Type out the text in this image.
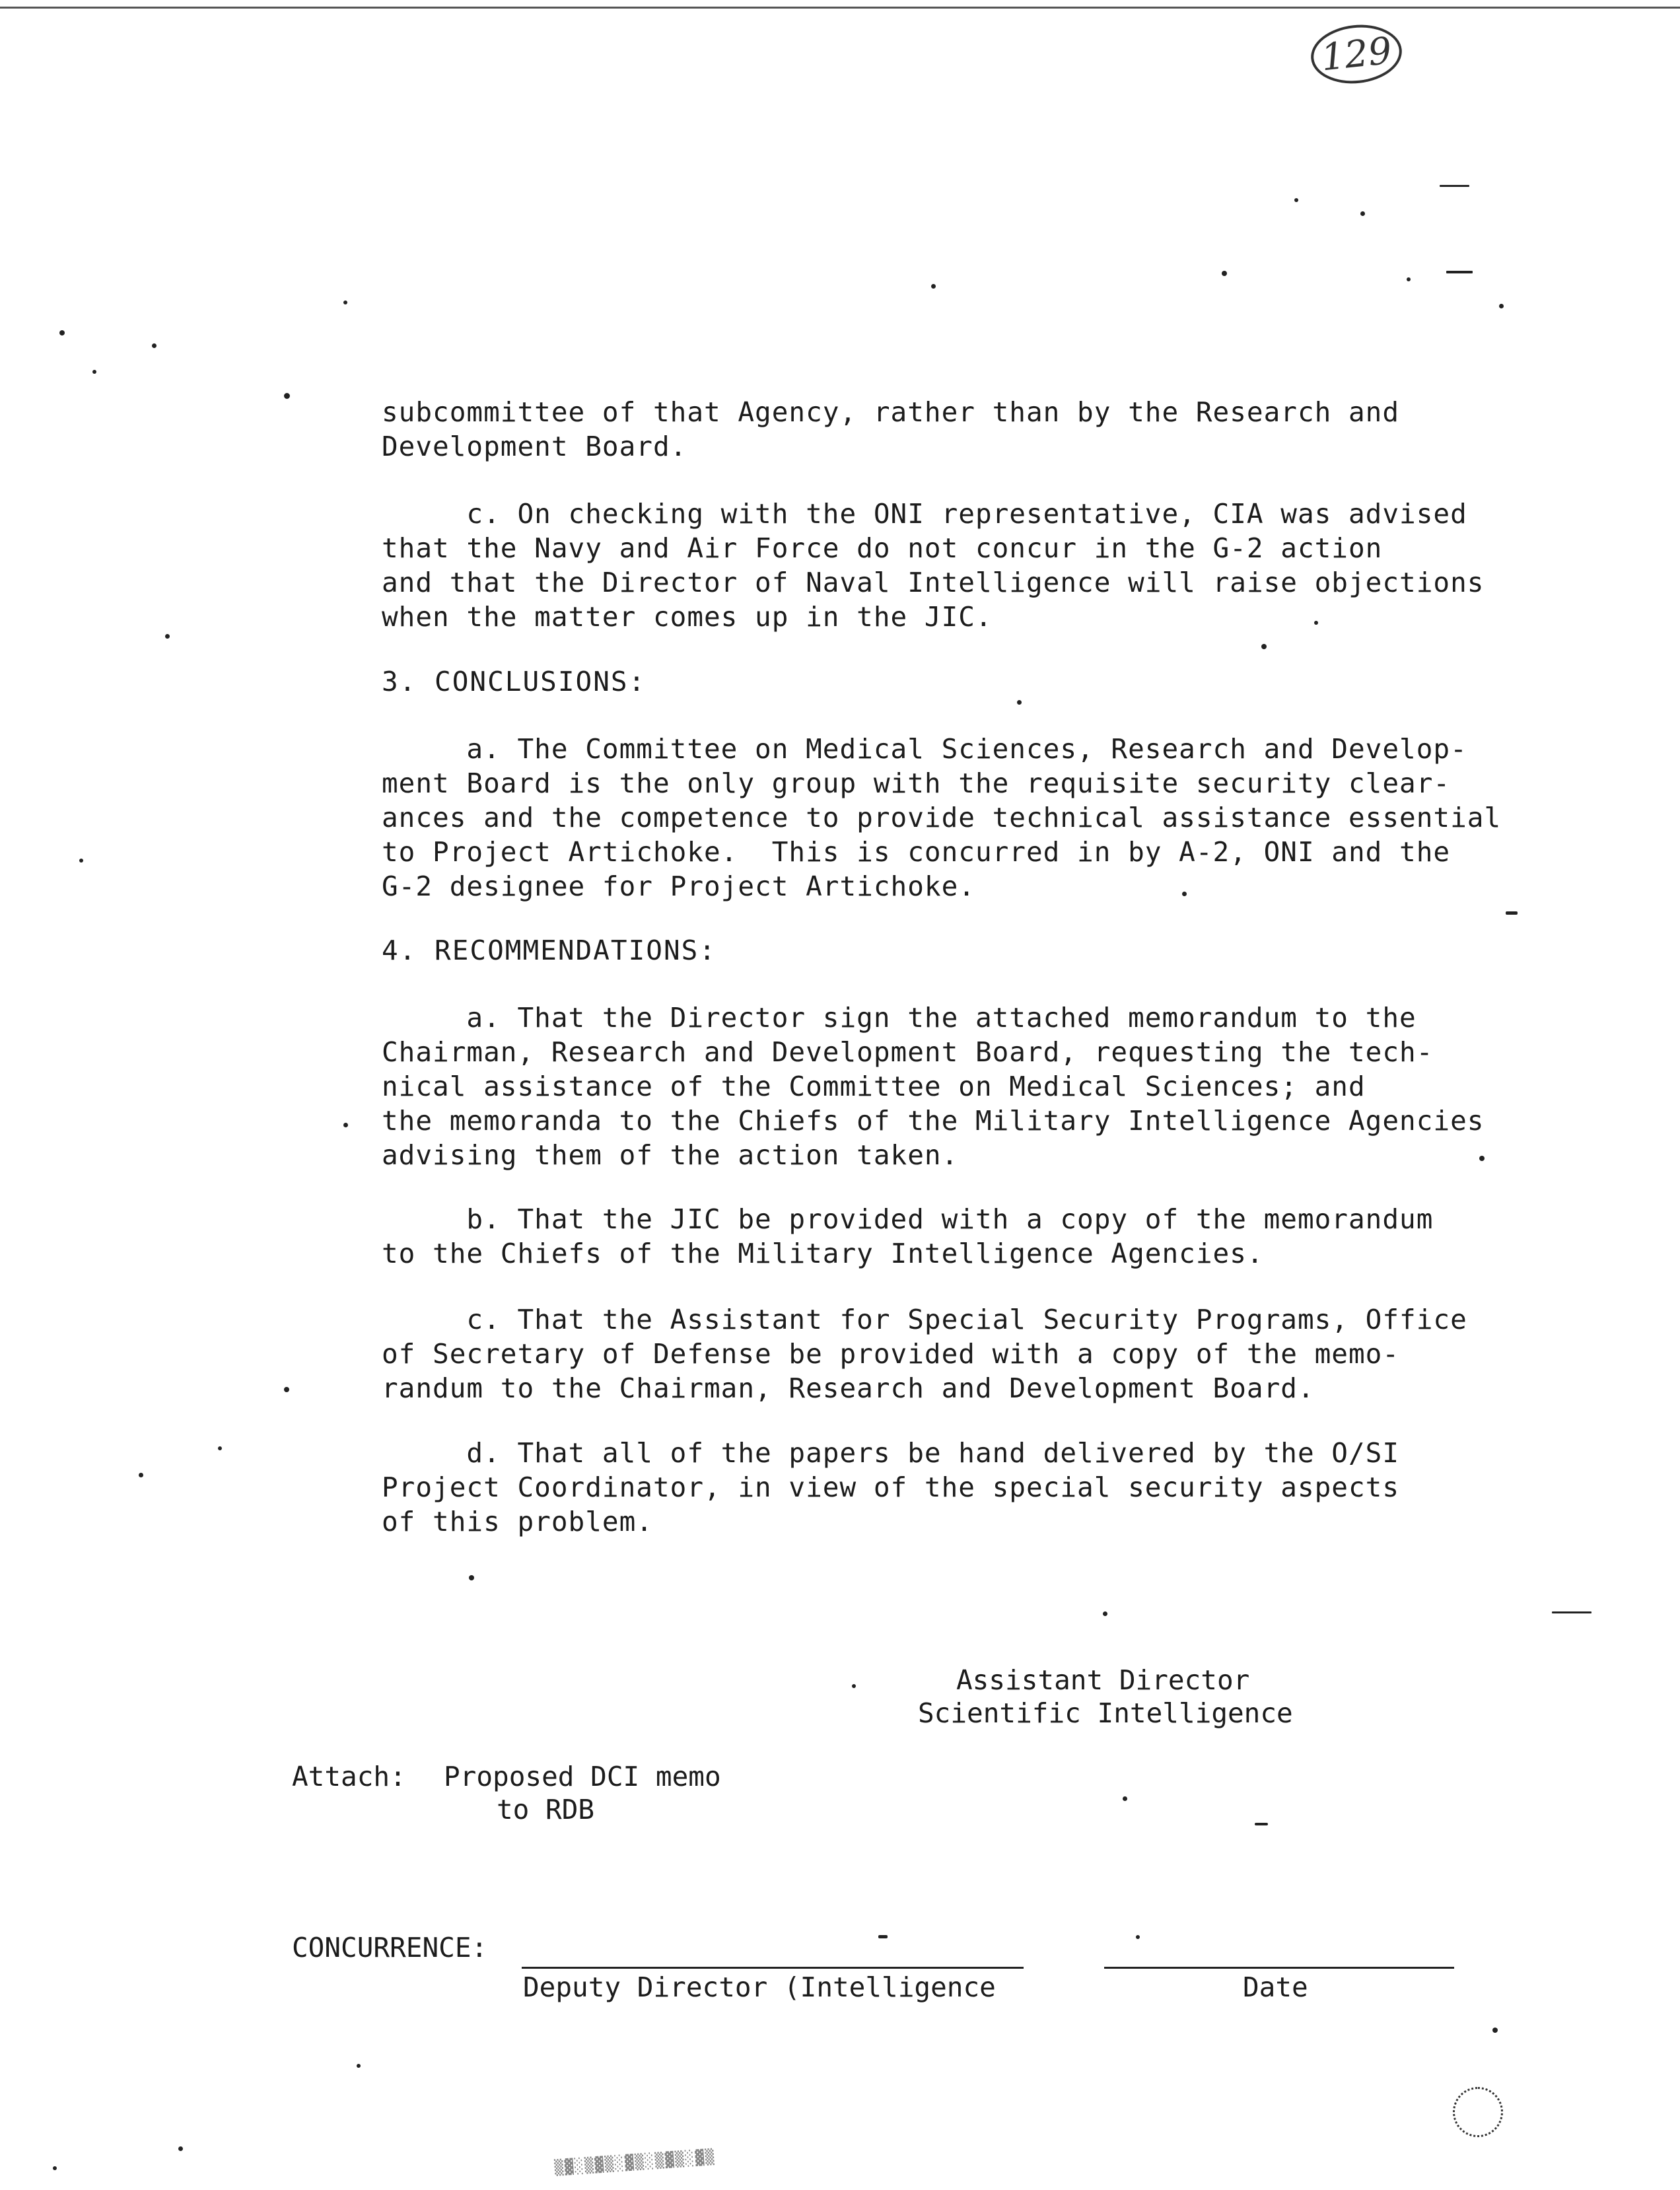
129
subcommittee of that Agency, rather than by the Research and
Development Board.
c. On checking with the ONI representative, CIA was advised
that the Navy and Air Force do not concur in the G-2 action
and that the Director of Naval Intelligence will raise objections
when the matter comes up in the JIC.
3. CONCLUSIONS:
a. The Committee on Medical Sciences, Research and Develop-
ment Board is the only group with the requisite security clear-
ances and the competence to provide technical assistance essential
to Project Artichoke.  This is concurred in by A-2, ONI and the
G-2 designee for Project Artichoke.
4. RECOMMENDATIONS:
a. That the Director sign the attached memorandum to the
Chairman, Research and Development Board, requesting the tech-
nical assistance of the Committee on Medical Sciences; and
the memoranda to the Chiefs of the Military Intelligence Agencies
advising them of the action taken.
b. That the JIC be provided with a copy of the memorandum
to the Chiefs of the Military Intelligence Agencies.
c. That the Assistant for Special Security Programs, Office
of Secretary of Defense be provided with a copy of the memo-
randum to the Chairman, Research and Development Board.
d. That all of the papers be hand delivered by the O/SI
Project Coordinator, in view of the special security aspects
of this problem.
Assistant Director
Scientific Intelligence
Attach: Proposed DCI memo
to RDB
CONCURRENCE:
Deputy Director (Intelligence	Date
▒▓░▒▓▒░▓▒░▒▓▒░▓▒
